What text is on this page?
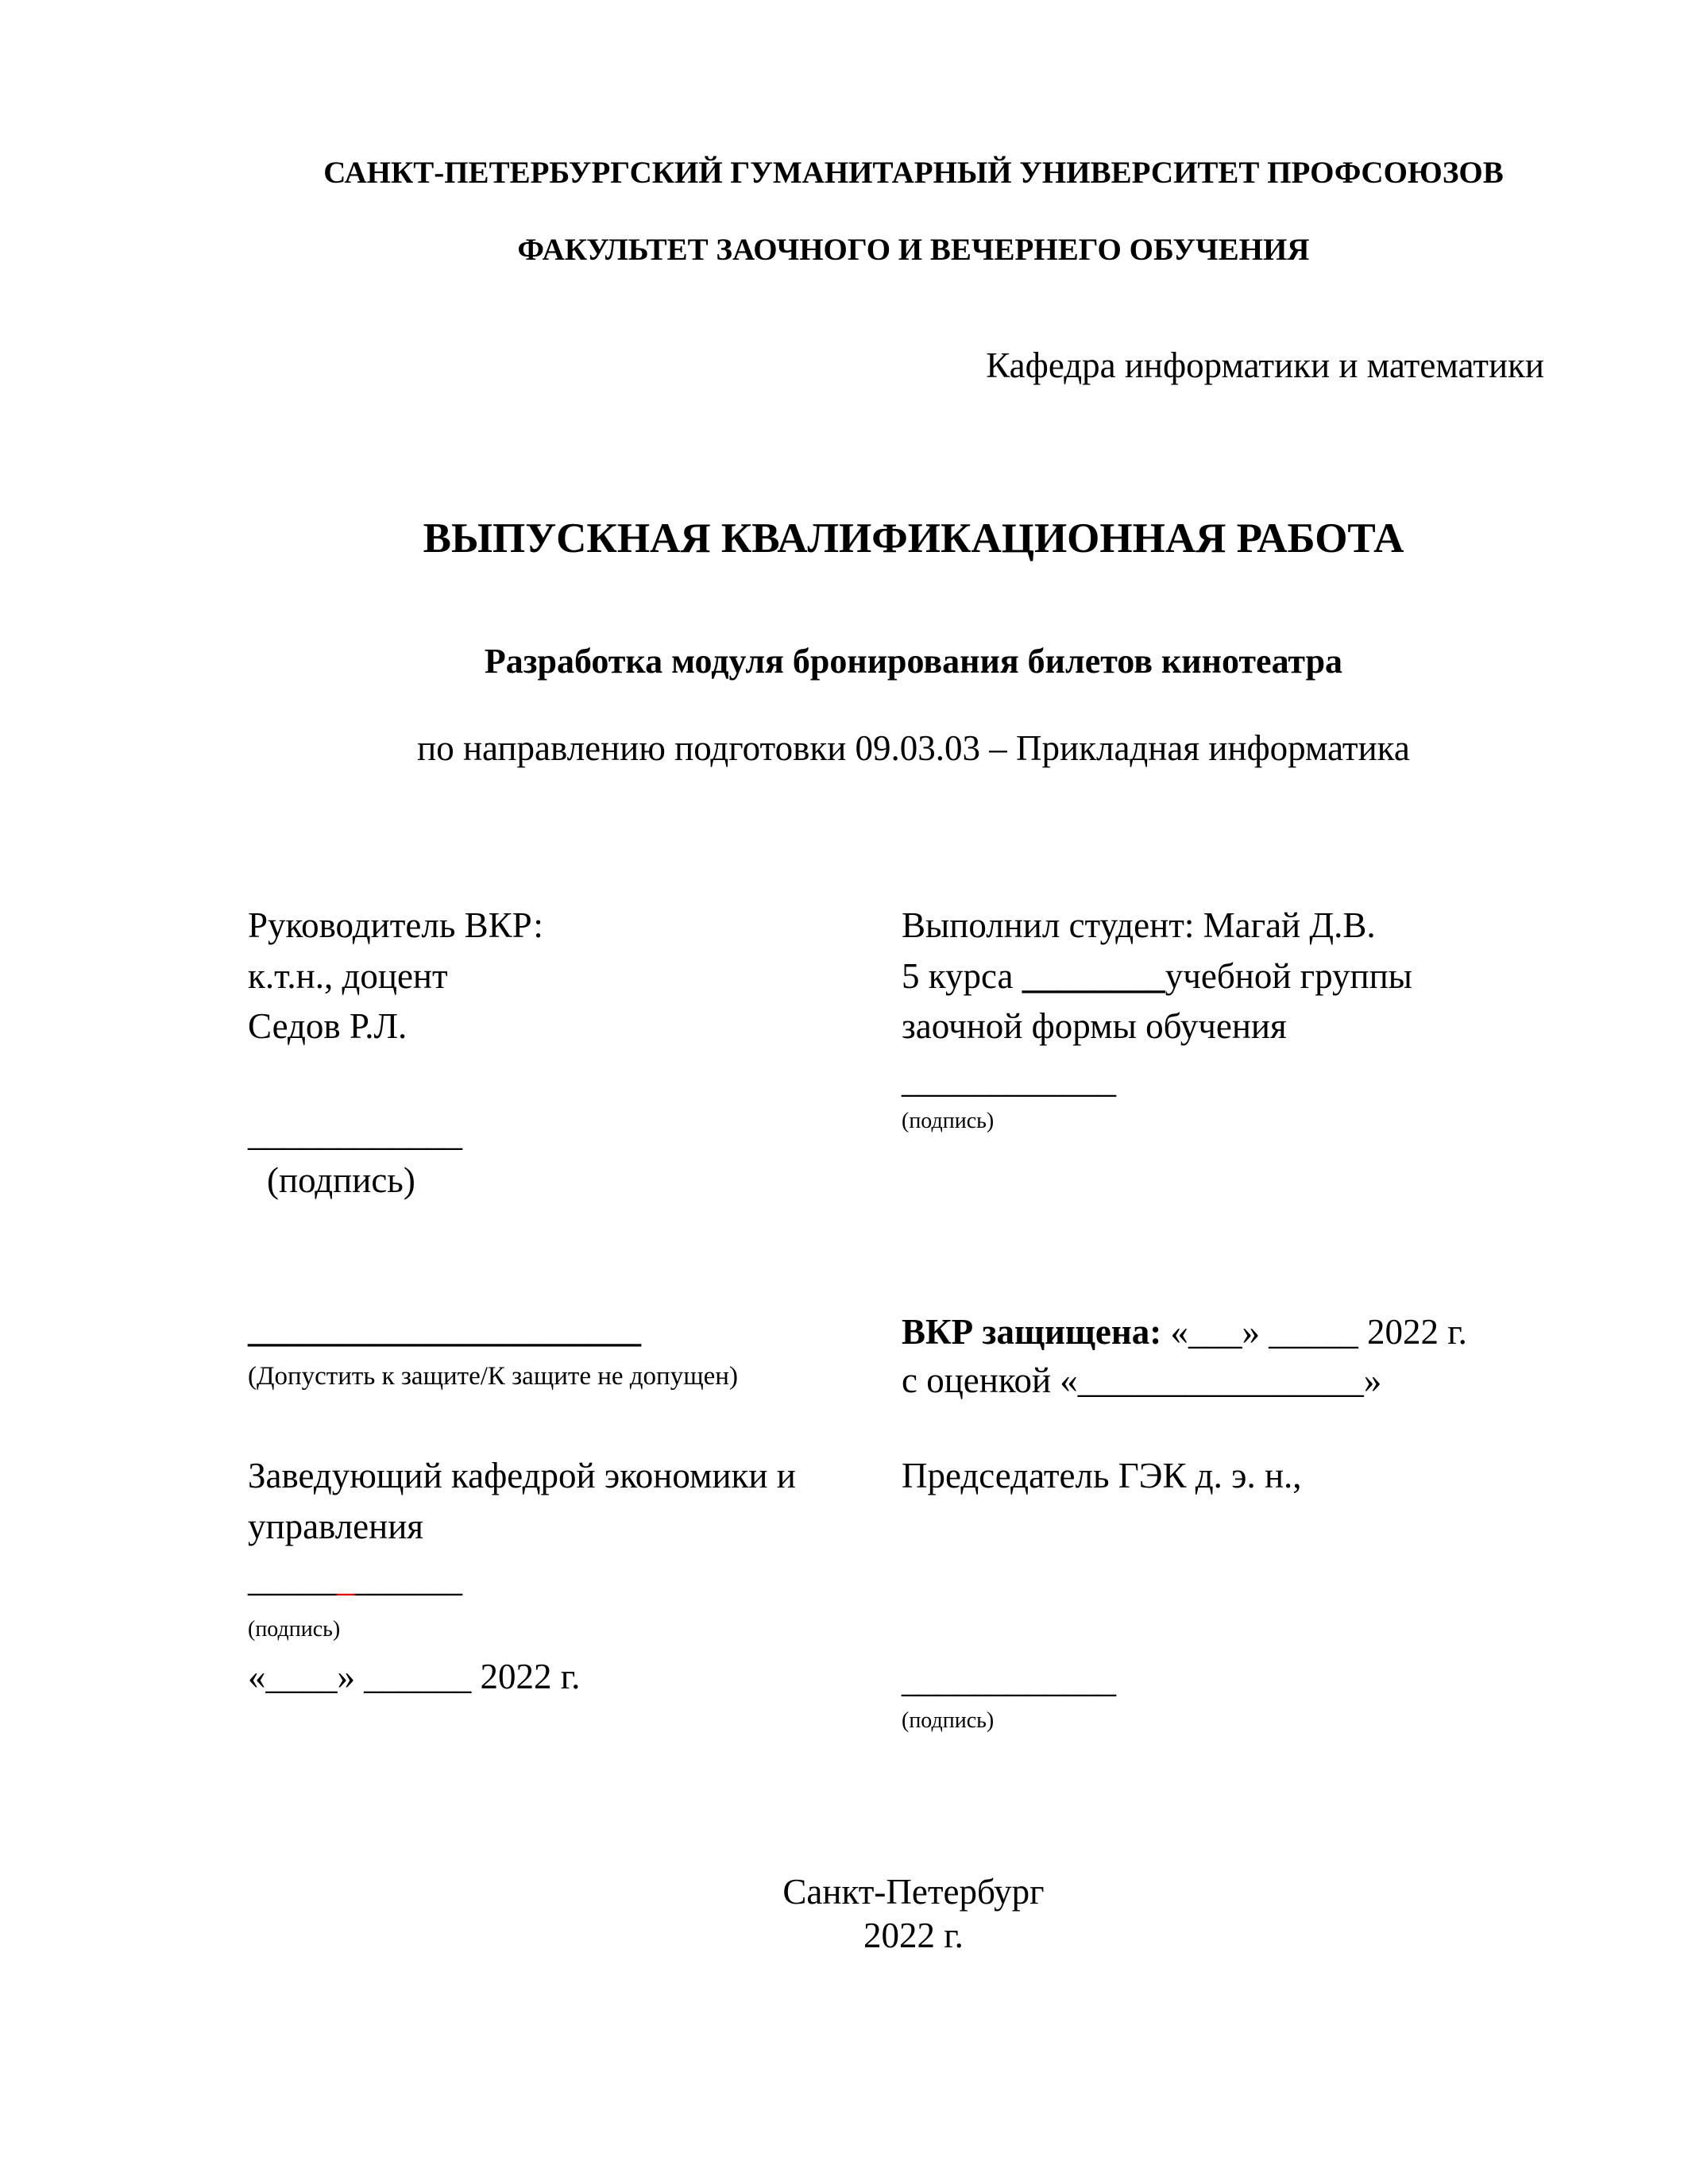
САНКТ-ПЕТЕРБУРГСКИЙ ГУМАНИТАРНЫЙ УНИВЕРСИТЕТ ПРОФСОЮЗОВ
ФАКУЛЬТЕТ ЗАОЧНОГО И ВЕЧЕРНЕГО ОБУЧЕНИЯ
Кафедра информатики и математики
ВЫПУСКНАЯ КВАЛИФИКАЦИОННАЯ РАБОТА
Разработка модуля бронирования билетов кинотеатра
по направлению подготовки 09.03.03 – Прикладная информатика
Руководитель ВКР:
к.т.н., доцент
Седов Р.Л.
____________
(подпись)
Выполнил студент: Магай Д.В.
5 курса ________учебной группы
заочной формы обучения
____________
(подпись)
______________________
(Допустить к защите/К защите не допущен)
ВКР защищена: «___» _____ 2022 г.
с оценкой «________________»
Заведующий кафедрой экономики и
управления
____________
(подпись)
«____» ______ 2022 г.
Председатель ГЭК д. э. н.,
____________
(подпись)
Санкт-Петербург
2022 г.
